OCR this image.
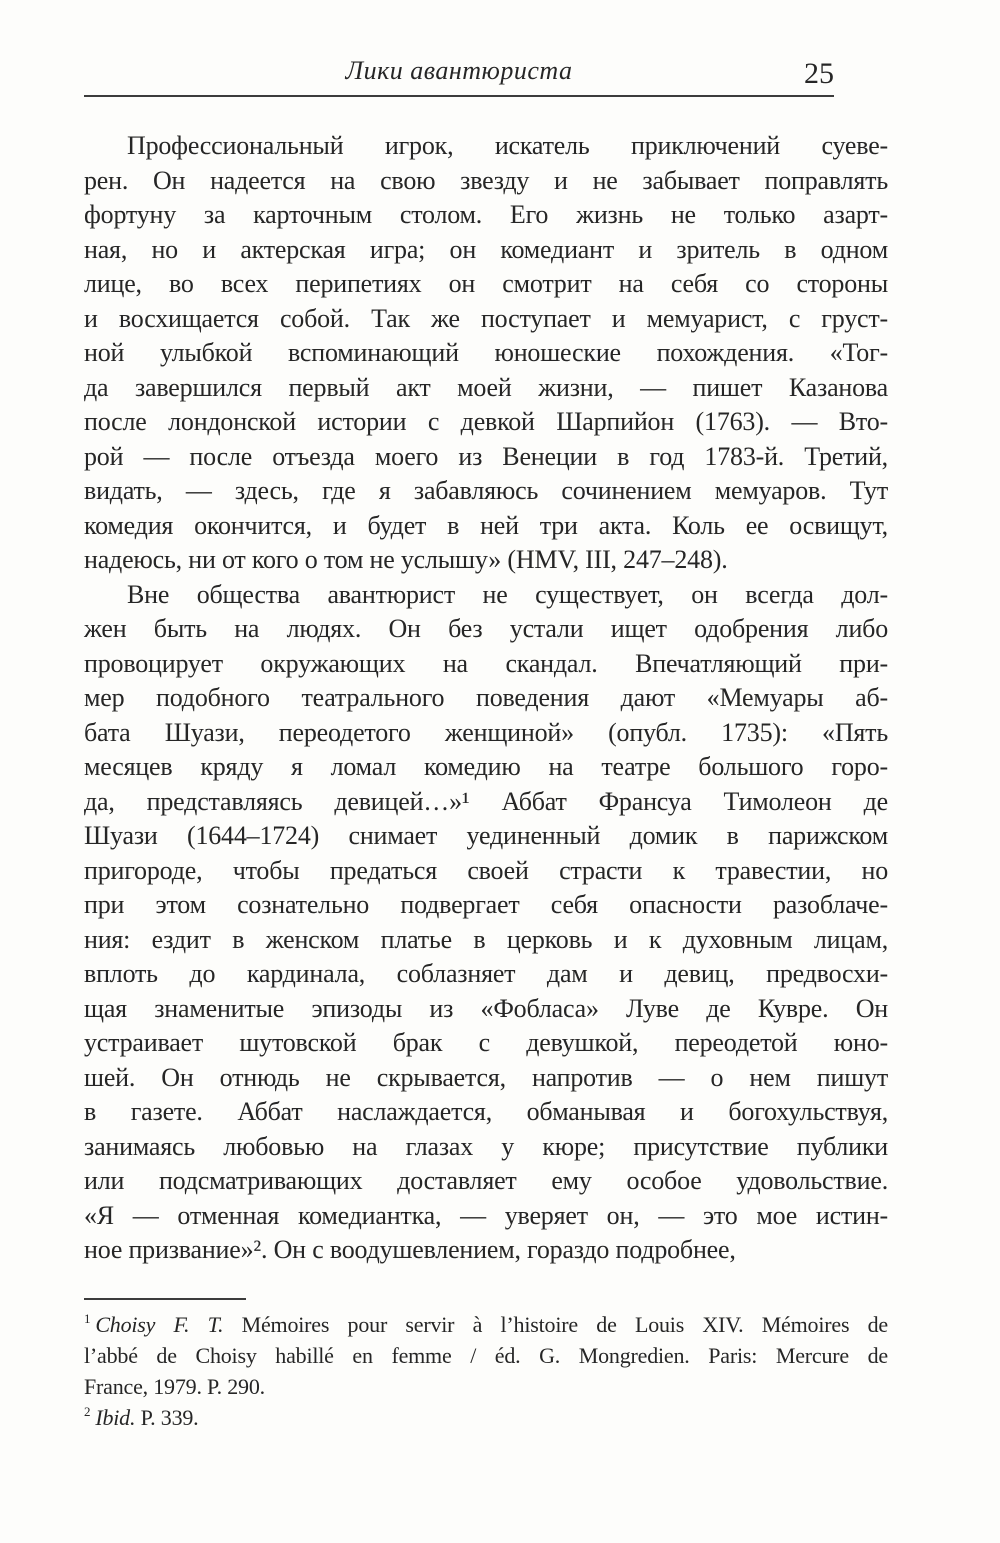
Лики авантюриста	25
Профессиональный игрок, искатель приключений суеве-
рен. Он надеется на свою звезду и не забывает поправлять
фортуну за карточным столом. Его жизнь не только азарт-
ная, но и актерская игра; он комедиант и зритель в одном
лице, во всех перипетиях он смотрит на себя со стороны
и восхищается собой. Так же поступает и мемуарист, с груст-
ной улыбкой вспоминающий юношеские похождения. «Тог-
да завершился первый акт моей жизни, — пишет Казанова
после лондонской истории с девкой Шарпийон (1763). — Вто-
рой — после отъезда моего из Венеции в год 1783-й. Третий,
видать, — здесь, где я забавляюсь сочинением мемуаров. Тут
комедия окончится, и будет в ней три акта. Коль ее освищут,
надеюсь, ни от кого о том не услышу» (HMV, III, 247–248).
Вне общества авантюрист не существует, он всегда дол-
жен быть на людях. Он без устали ищет одобрения либо
провоцирует окружающих на скандал. Впечатляющий при-
мер подобного театрального поведения дают «Мемуары аб-
бата Шуази, переодетого женщиной» (опубл. 1735): «Пять
месяцев кряду я ломал комедию на театре большого горо-
да, представляясь девицей…»¹ Аббат Франсуа Тимолеон де
Шуази (1644–1724) снимает уединенный домик в парижском
пригороде, чтобы предаться своей страсти к травестии, но
при этом сознательно подвергает себя опасности разоблаче-
ния: ездит в женском платье в церковь и к духовным лицам,
вплоть до кардинала, соблазняет дам и девиц, предвосхи-
щая знаменитые эпизоды из «Фобласа» Луве де Кувре. Он
устраивает шутовской брак с девушкой, переодетой юно-
шей. Он отнюдь не скрывается, напротив — о нем пишут
в газете. Аббат наслаждается, обманывая и богохульствуя,
занимаясь любовью на глазах у кюре; присутствие публики
или подсматривающих доставляет ему особое удовольствие.
«Я — отменная комедиантка, — уверяет он, — это мое истин-
ное призвание»². Он с воодушевлением, гораздо подробнее,
$^1$ Choisy F. T. Mémoires pour servir à l’histoire de Louis XIV. Mémoires de
l’abbé de Choisy habillé en femme / éd. G. Mongredien. Paris: Mercure de
France, 1979. P. 290.
$^2$ Ibid. P. 339.
